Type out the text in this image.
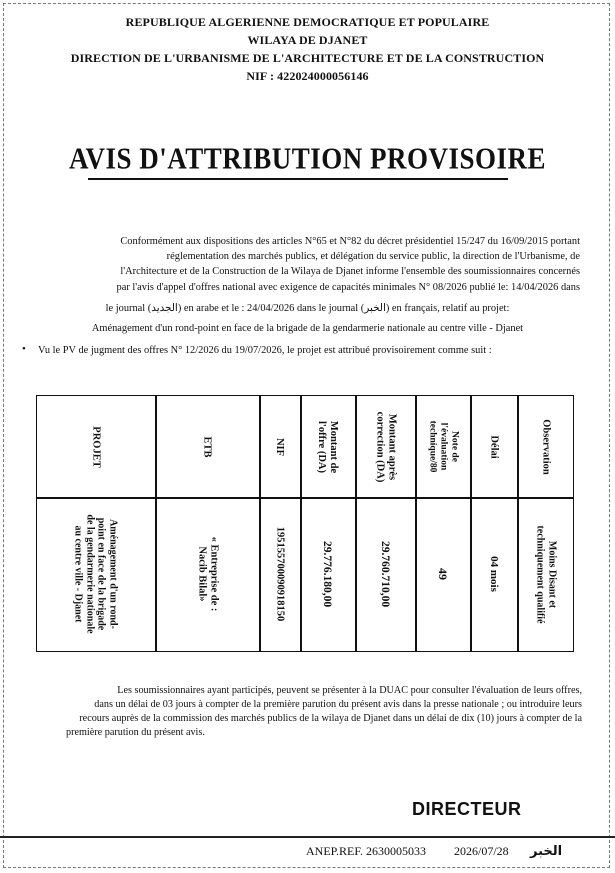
REPUBLIQUE ALGERIENNE DEMOCRATIQUE ET POPULAIRE
WILAYA DE DJANET
DIRECTION DE L'URBANISME DE L'ARCHITECTURE ET DE LA CONSTRUCTION
NIF : 422024000056146
AVIS D'ATTRIBUTION PROVISOIRE
Conformément aux dispositions des articles N°65 et N°82 du décret présidentiel 15/247 du 16/09/2015 portant
réglementation des marchés publics, et délégation du service public, la direction de l'Urbanisme, de
l'Architecture et de la Construction de la Wilaya de Djanet informe l'ensemble des soumissionnaires concernés
par l'avis d'appel d'offres national avec exigence de capacités minimales N° 08/2026 publié le: 14/04/2026 dans
le journal (الجديد) en arabe et le : 24/04/2026 dans le journal (الخبر) en français, relatif au projet:
Aménagement d'un rond-point en face de la brigade de la gendarmerie nationale au centre ville - Djanet
• Vu le PV de jugment des offres N° 12/2026 du 19/07/2026, le projet est attribué provisoirement comme suit :
PROJET	ETB	NIF	Montant de
l'offre (DA)	Montant après
correction (DA)	Note de
l'évaluation
technique/80	Délai	Observation
Aménagement d'un rond-
point en face de la brigade
de la gendarmerie nationale
au centre ville - Djanet	« Entreprise de :
Nacib Bilal»	195155700090918150	29.776.180,00	29.760.710,00	49	04 mois	Moins Disant et
techniquement qualifié
Les soumissionnaires ayant participés, peuvent se présenter à la DUAC pour consulter l'évaluation de leurs offres,
dans un délai de 03 jours à compter de la première parution du présent avis dans la presse nationale ; ou introduire leurs
recours auprès de la commission des marchés publics de la wilaya de Djanet dans un délai de dix (10) jours à compter de la
première parution du présent avis.
DIRECTEUR
ANEP.REF. 2630005033 2026/07/28 الخبر
